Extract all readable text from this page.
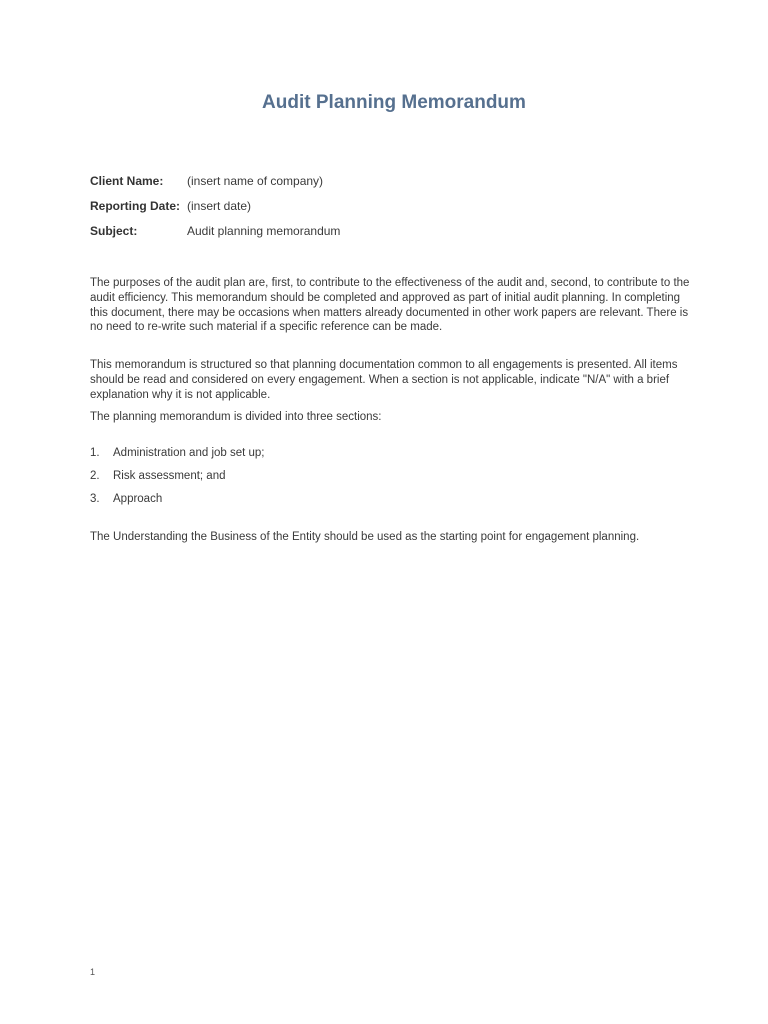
Audit Planning Memorandum
Client Name:	(insert name of company)
Reporting Date: (insert date)
Subject:	Audit planning memorandum

The purposes of the audit plan are, first, to contribute to the effectiveness of the audit and, second, to contribute to the audit efficiency. This memorandum should be completed and approved as part of initial audit planning. In completing this document, there may be occasions when matters already documented in other work papers are relevant. There is no need to re-write such material if a specific reference can be made.

This memorandum is structured so that planning documentation common to all engagements is presented. All items should be read and considered on every engagement. When a section is not applicable, indicate "N/A" with a brief explanation why it is not applicable.

The planning memorandum is divided into three sections:

1.	Administration and job set up;
2.	Risk assessment; and
3.	Approach

The Understanding the Business of the Entity should be used as the starting point for engagement planning.

1
